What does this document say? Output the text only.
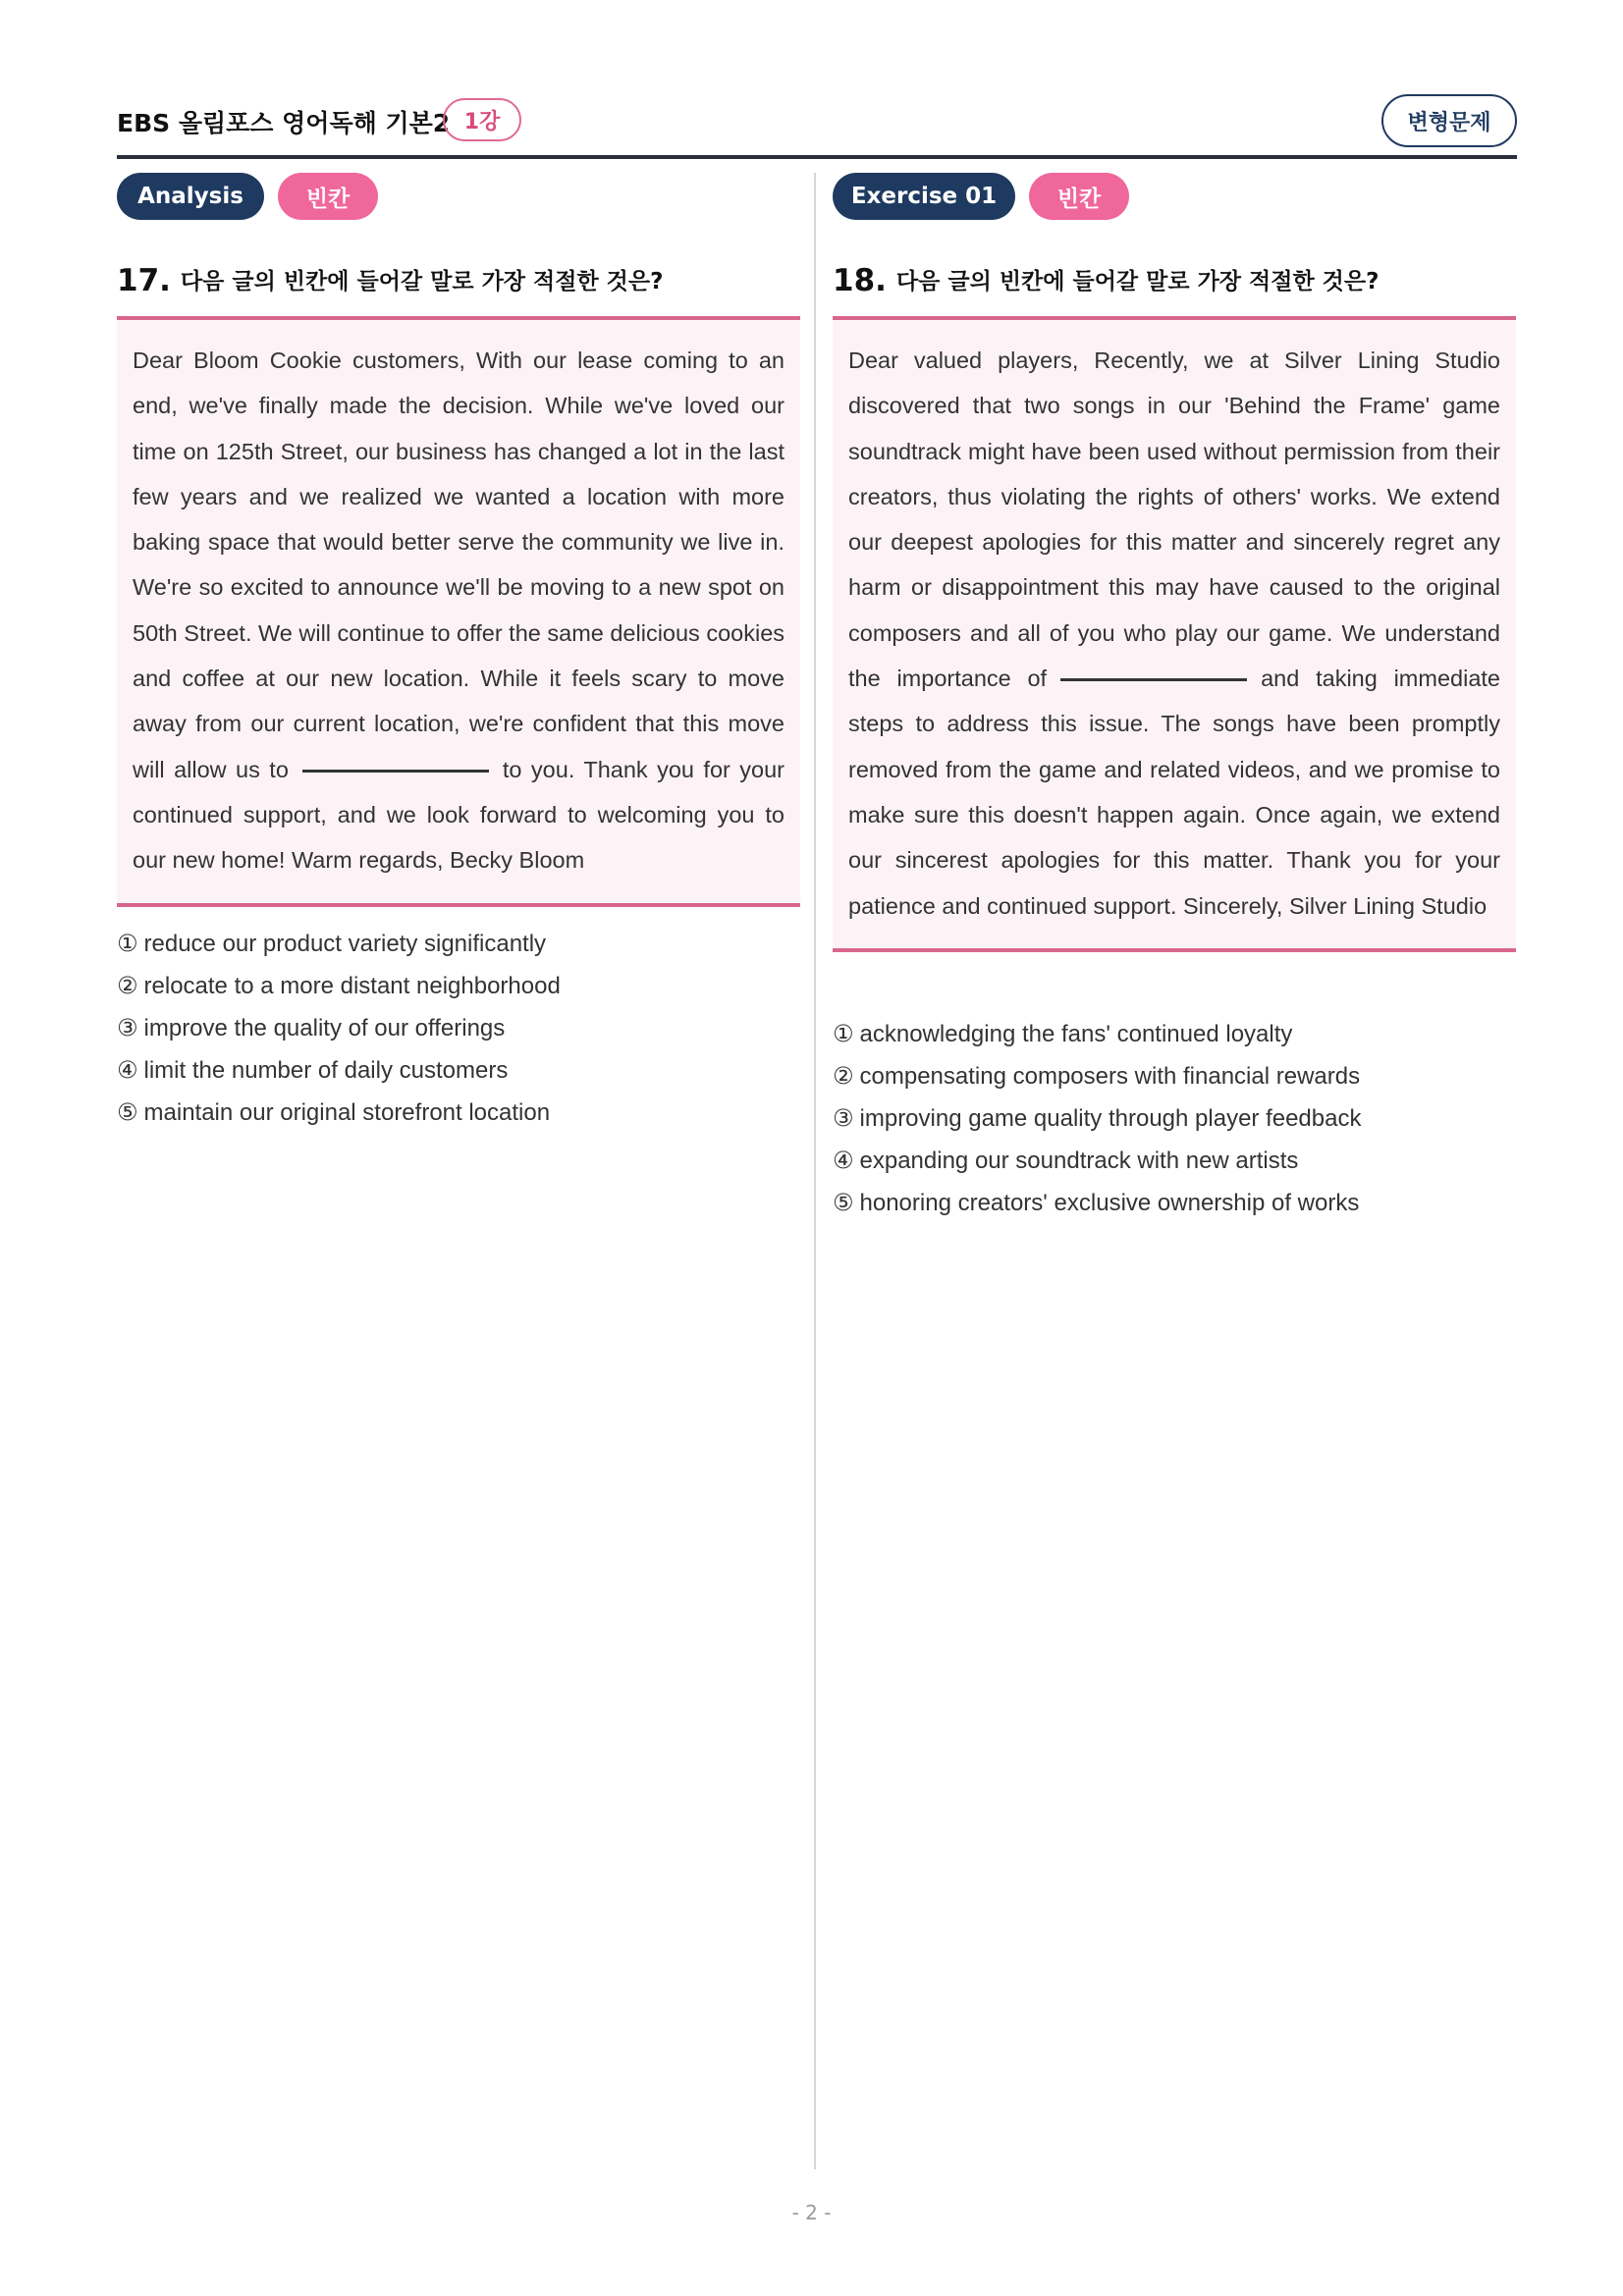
EBS 올림포스 영어독해 기본2 1강	변형문제
Analysis	빈칸
17. 다음 글의 빈칸에 들어갈 말로 가장 적절한 것은?
Dear Bloom Cookie customers, With our lease coming to an end, we've finally made the decision. While we've loved our time on 125th Street, our business has changed a lot in the last few years and we realized we wanted a location with more baking space that would better serve the community we live in. We're so excited to announce we'll be moving to a new spot on 50th Street. We will continue to offer the same delicious cookies and coffee at our new location. While it feels scary to move away from our current location, we're confident that this move will allow us to	to you. Thank you for your continued support, and we look forward to welcoming you to our new home! Warm regards, Becky Bloom
① reduce our product variety significantly
② relocate to a more distant neighborhood
③ improve the quality of our offerings
④ limit the number of daily customers
⑤ maintain our original storefront location
Exercise 01	빈칸
18. 다음 글의 빈칸에 들어갈 말로 가장 적절한 것은?
Dear valued players, Recently, we at Silver Lining Studio discovered that two songs in our 'Behind the Frame' game soundtrack might have been used without permission from their creators, thus violating the rights of others' works. We extend our deepest apologies for this matter and sincerely regret any harm or disappointment this may have caused to the original composers and all of you who play our game. We understand the importance of	and taking immediate steps to address this issue. The songs have been promptly removed from the game and related videos, and we promise to make sure this doesn't happen again. Once again, we extend our sincerest apologies for this matter. Thank you for your patience and continued support. Sincerely, Silver Lining Studio
① acknowledging the fans' continued loyalty
② compensating composers with financial rewards
③ improving game quality through player feedback
④ expanding our soundtrack with new artists
⑤ honoring creators' exclusive ownership of works
- 2 -
